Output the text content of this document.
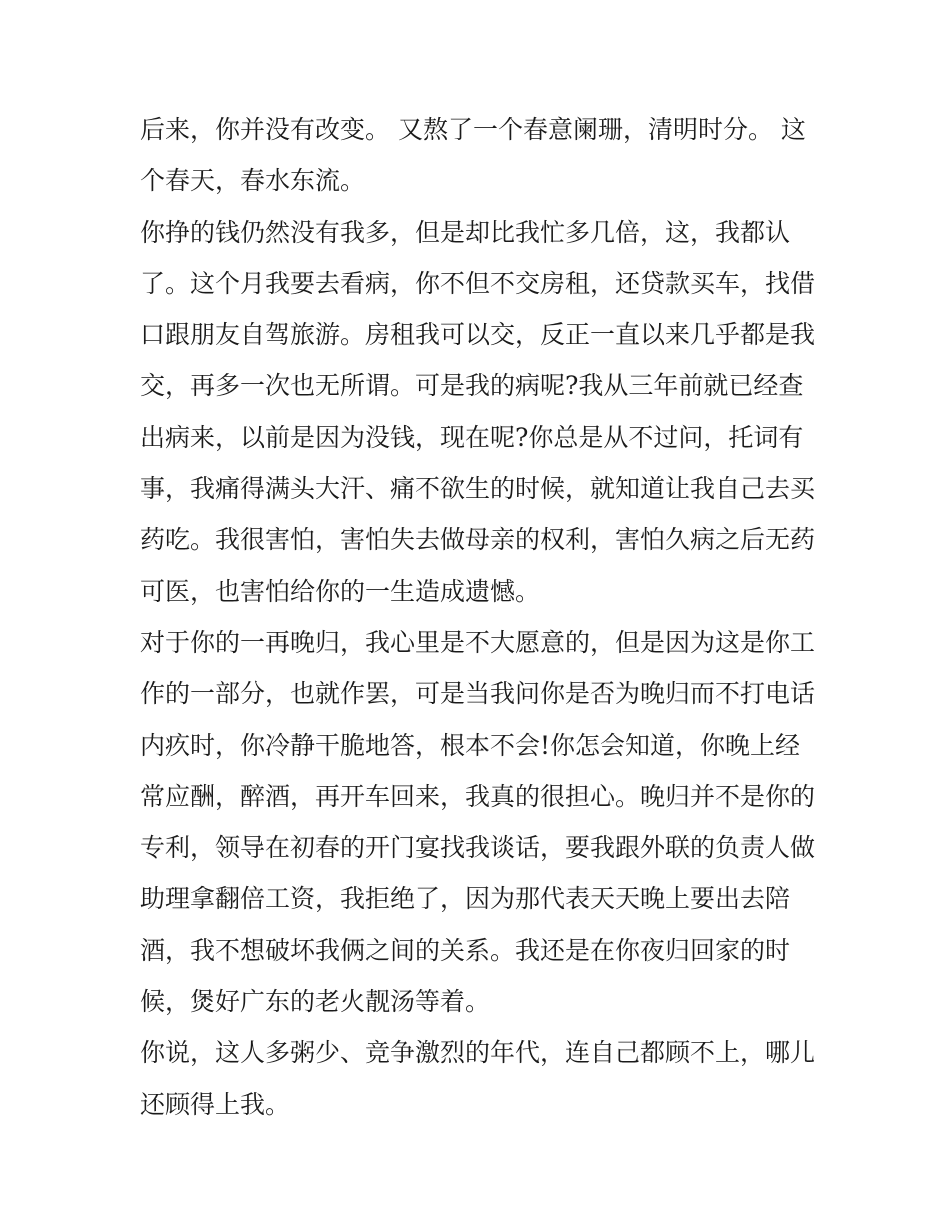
后来，你并没有改变。 又熬了一个春意阑珊，清明时分。 这
个春天，春水东流。
你挣的钱仍然没有我多，但是却比我忙多几倍，这，我都认
了。这个月我要去看病，你不但不交房租，还贷款买车，找借
口跟朋友自驾旅游。房租我可以交，反正一直以来几乎都是我
交，再多一次也无所谓。可是我的病呢?我从三年前就已经查
出病来，以前是因为没钱，现在呢?你总是从不过问，托词有
事，我痛得满头大汗、痛不欲生的时候，就知道让我自己去买
药吃。我很害怕，害怕失去做母亲的权利，害怕久病之后无药
可医，也害怕给你的一生造成遗憾。
对于你的一再晚归，我心里是不大愿意的，但是因为这是你工
作的一部分，也就作罢，可是当我问你是否为晚归而不打电话
内疚时，你冷静干脆地答，根本不会!你怎会知道，你晚上经
常应酬，醉酒，再开车回来，我真的很担心。晚归并不是你的
专利，领导在初春的开门宴找我谈话，要我跟外联的负责人做
助理拿翻倍工资，我拒绝了，因为那代表天天晚上要出去陪
酒，我不想破坏我俩之间的关系。我还是在你夜归回家的时
候，煲好广东的老火靓汤等着。
你说，这人多粥少、竞争激烈的年代，连自己都顾不上，哪儿
还顾得上我。
